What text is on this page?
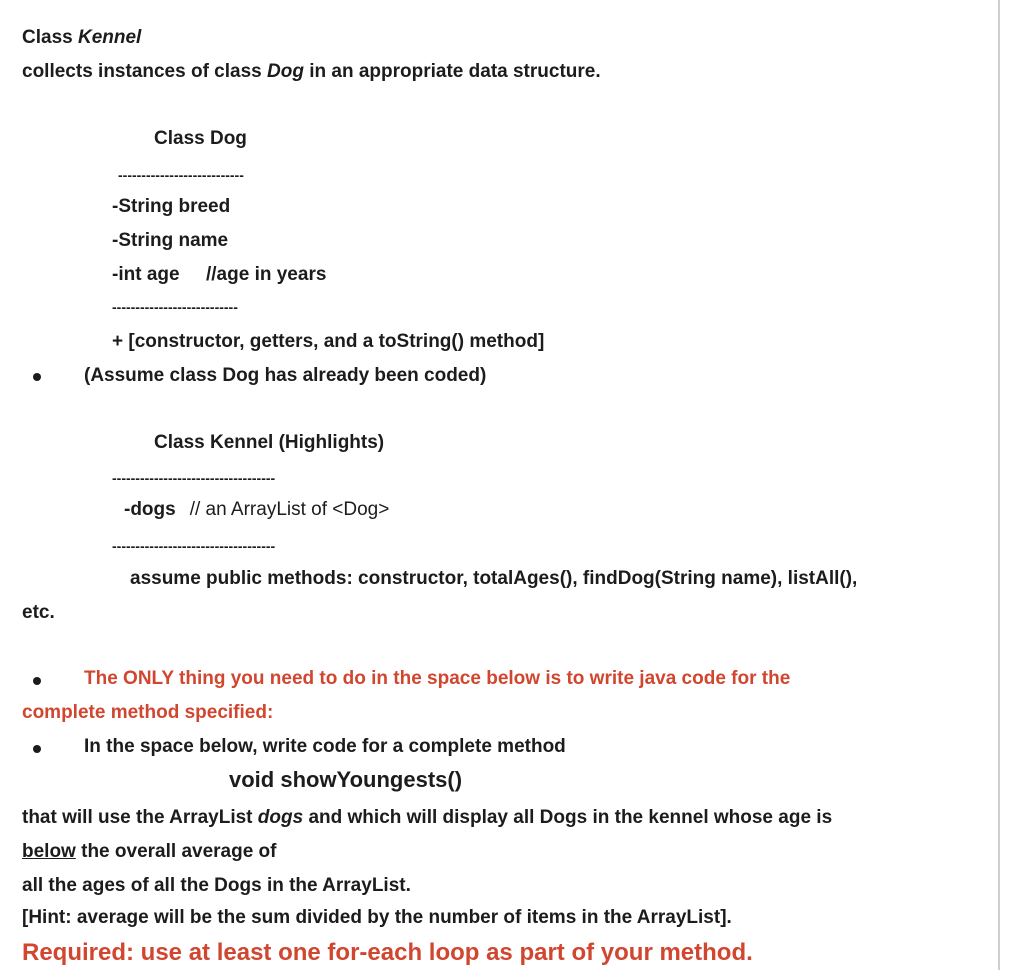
Class Kennel
collects instances of class Dog in an appropriate data structure.
Class Dog
---------------------------
-String breed
-String name
-int age //age in years
---------------------------
+ [constructor, getters, and a toString() method]
(Assume class Dog has already been coded)
Class Kennel (Highlights)
-----------------------------------
-dogs // an ArrayList of <Dog>
-----------------------------------
assume public methods: constructor, totalAges(), findDog(String name), listAll(),
etc.
The ONLY thing you need to do in the space below is to write java code for the
complete method specified:
In the space below, write code for a complete method
void showYoungests()
that will use the ArrayList dogs and which will display all Dogs in the kennel whose age is
below the overall average of
all the ages of all the Dogs in the ArrayList.
[Hint: average will be the sum divided by the number of items in the ArrayList].
Required: use at least one for-each loop as part of your method.
